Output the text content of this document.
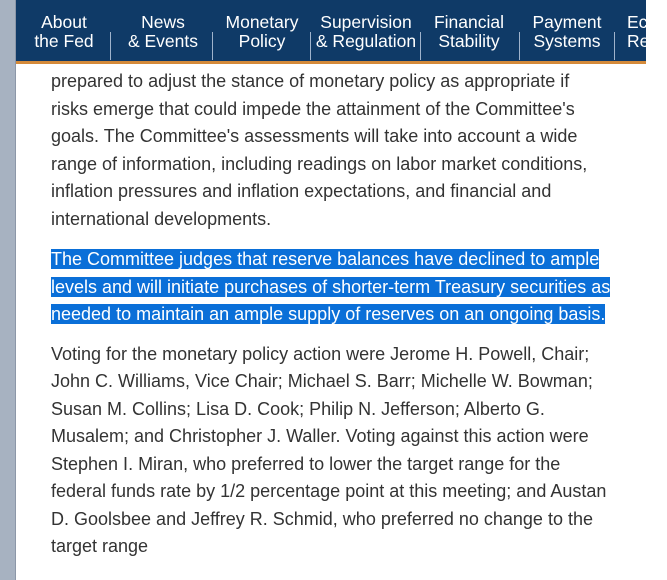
About
the Fed
News
& Events
Monetary
Policy
Supervision
& Regulation
Financial
Stability
Payment
Systems
Ec
Re

prepared to adjust the stance of monetary policy as appropriate if risks emerge that could impede the attainment of the Committee's goals. The Committee's assessments will take into account a wide range of information, including readings on labor market conditions, inflation pressures and inflation expectations, and financial and international developments.

The Committee judges that reserve balances have declined to ample levels and will initiate purchases of shorter-term Treasury securities as needed to maintain an ample supply of reserves on an ongoing basis.

Voting for the monetary policy action were Jerome H. Powell, Chair; John C. Williams, Vice Chair; Michael S. Barr; Michelle W. Bowman; Susan M. Collins; Lisa D. Cook; Philip N. Jefferson; Alberto G. Musalem; and Christopher J. Waller. Voting against this action were Stephen I. Miran, who preferred to lower the target range for the federal funds rate by 1/2 percentage point at this meeting; and Austan D. Goolsbee and Jeffrey R. Schmid, who preferred no change to the target range
